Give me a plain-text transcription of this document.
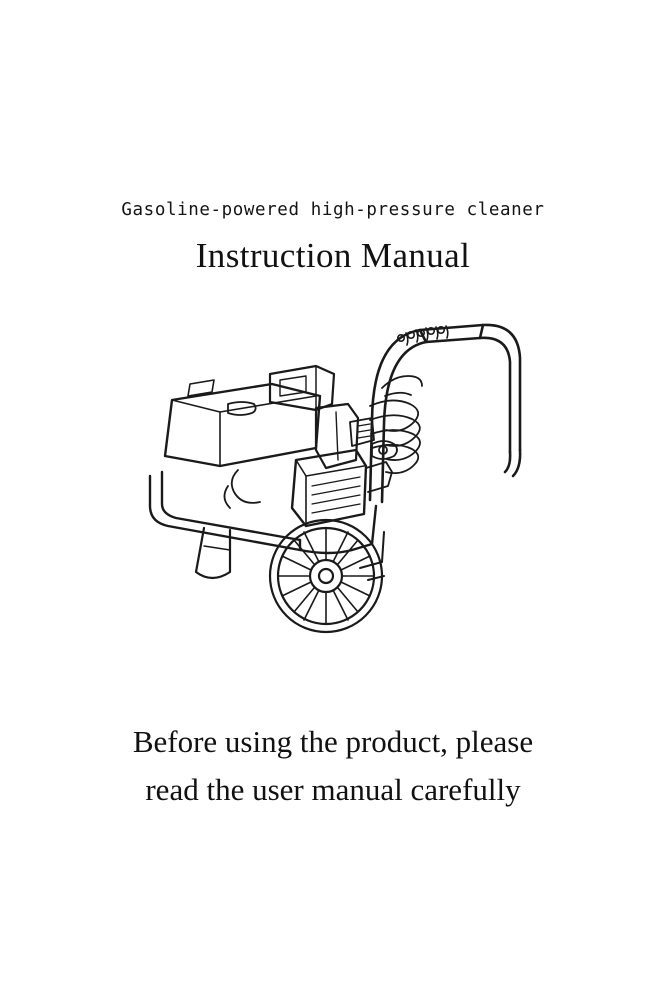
Gasoline-powered high-pressure cleaner
Instruction Manual
Before using the product, please
read the user manual carefully
